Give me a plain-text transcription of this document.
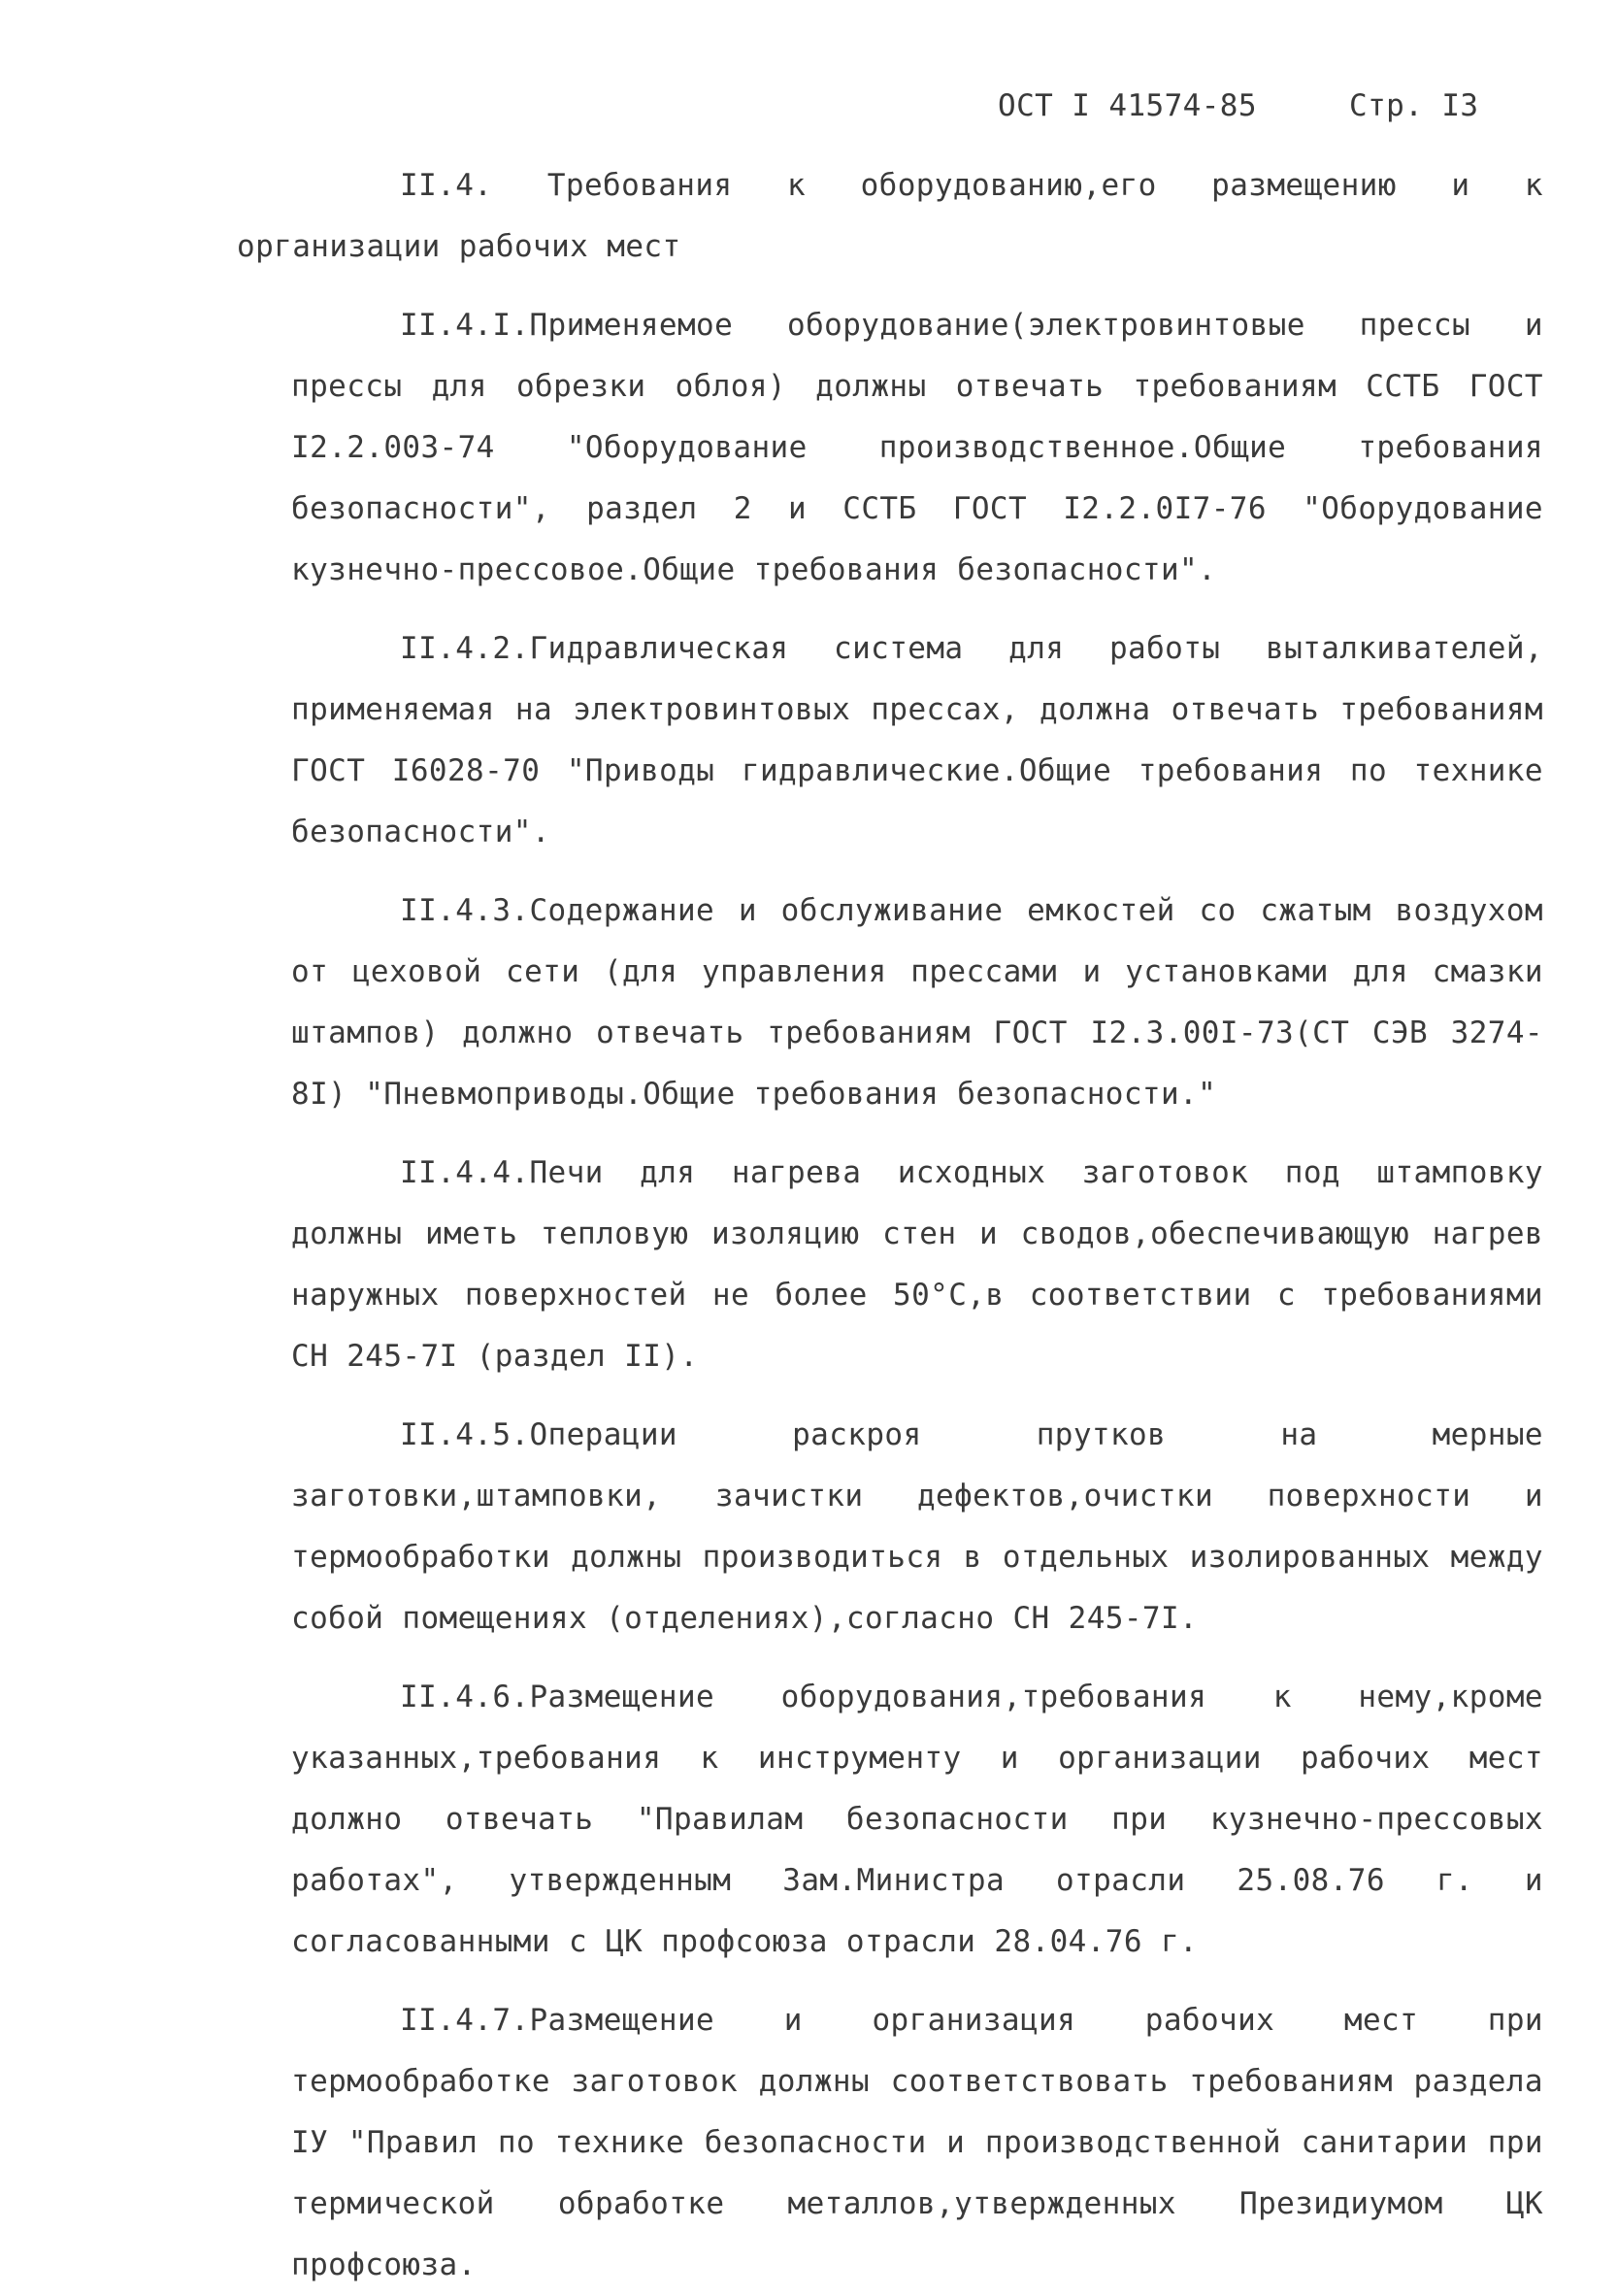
ОСТ I 41574-85	Стр. I3

II.4. Требования к оборудованию,его размещению и к организации рабочих мест

II.4.I.Применяемое оборудование(электровинтовые прессы и прессы для обрезки облоя) должны отвечать требованиям ССТБ ГОСТ I2.2.003-74 "Оборудование производственное.Общие требования безопасности", раздел 2 и ССТБ ГОСТ I2.2.0I7-76 "Оборудование кузнечно-прессовое.Общие требования безопасности".

II.4.2.Гидравлическая система для работы выталкивателей, применяемая на электровинтовых прессах, должна отвечать требованиям ГОСТ I6028-70 "Приводы гидравлические.Общие требования по технике безопасности".

II.4.3.Содержание и обслуживание емкостей со сжатым воздухом от цеховой сети (для управления прессами и установками для смазки штампов) должно отвечать требованиям ГОСТ I2.3.00I-73(СТ СЭВ 3274-8I) "Пневмоприводы.Общие требования безопасности."

II.4.4.Печи для нагрева исходных заготовок под штамповку должны иметь тепловую изоляцию стен и сводов,обеспечивающую нагрев наружных поверхностей не более 50°С,в соответствии с требованиями СН 245-7I (раздел II).

II.4.5.Операции раскроя прутков на мерные заготовки,штамповки, зачистки дефектов,очистки поверхности и термообработки должны производиться в отдельных изолированных между собой помещениях (отделениях),согласно СН 245-7I.

II.4.6.Размещение оборудования,требования к нему,кроме указанных,требования к инструменту и организации рабочих мест должно отвечать "Правилам безопасности при кузнечно-прессовых работах", утвержденным Зам.Министра отрасли 25.08.76 г. и согласованными с ЦК профсоюза отрасли 28.04.76 г.

II.4.7.Размещение и организация рабочих мест при термообработке заготовок должны соответствовать требованиям раздела IУ "Правил по технике безопасности и производственной санитарии при термической обработке металлов,утвержденных Президиумом ЦК профсоюза.
